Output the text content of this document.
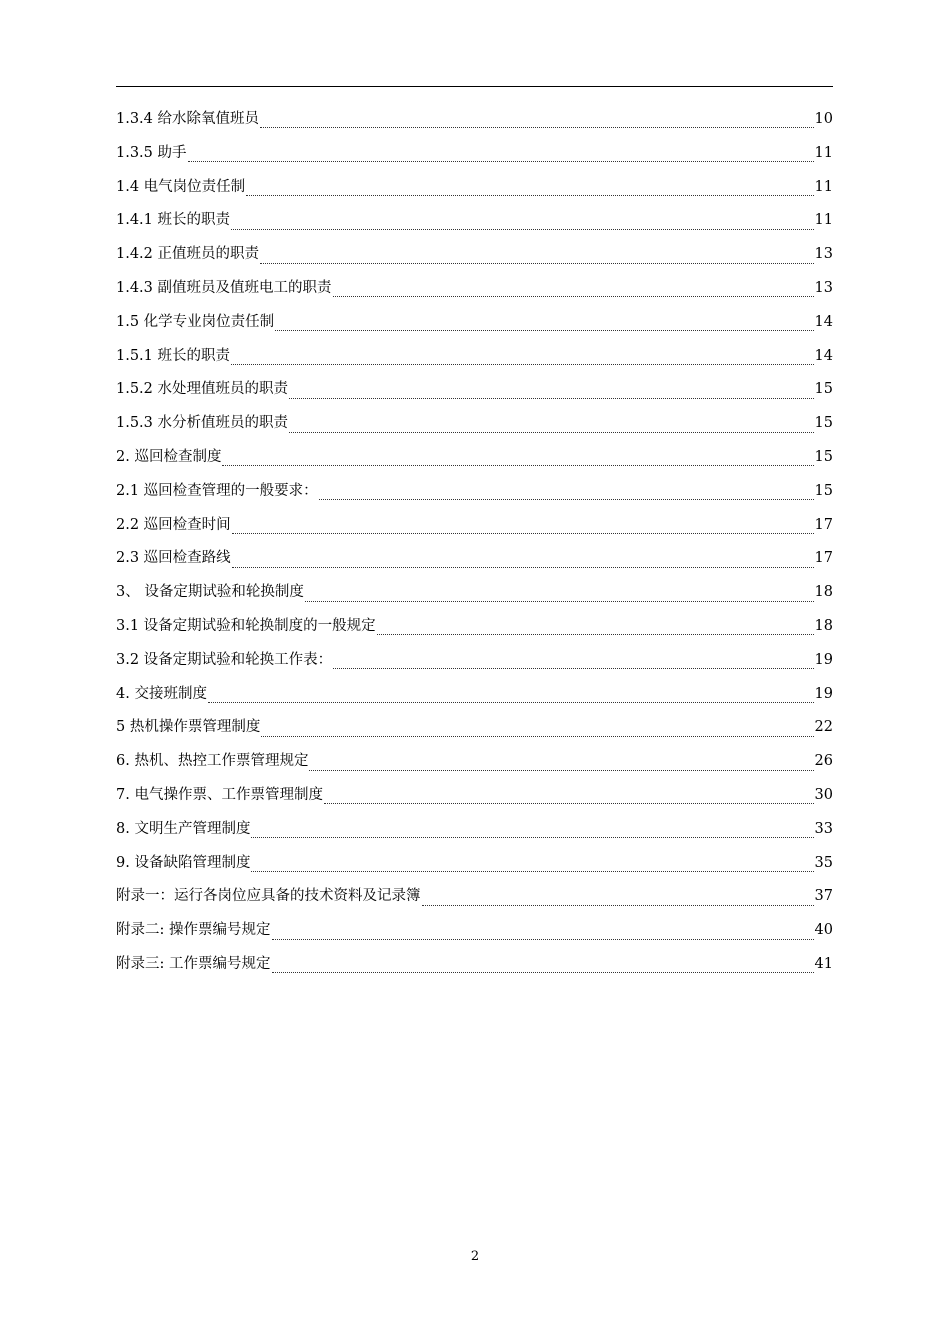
1.3.4 给水除氧值班员	10
1.3.5 助手	11
1.4 电气岗位责任制	11
1.4.1 班长的职责	11
1.4.2 正值班员的职责	13
1.4.3 副值班员及值班电工的职责	13
1.5 化学专业岗位责任制	14
1.5.1 班长的职责	14
1.5.2 水处理值班员的职责	15
1.5.3 水分析值班员的职责	15
2. 巡回检查制度	15
2.1 巡回检查管理的一般要求：	15
2.2 巡回检查时间	17
2.3 巡回检查路线	17
3、 设备定期试验和轮换制度	18
3.1 设备定期试验和轮换制度的一般规定	18
3.2 设备定期试验和轮换工作表：	19
4. 交接班制度	19
5 热机操作票管理制度	22
6. 热机、热控工作票管理规定	26
7. 电气操作票、工作票管理制度	30
8. 文明生产管理制度	33
9. 设备缺陷管理制度	35
附录一：运行各岗位应具备的技术资料及记录簿	37
附录二: 操作票编号规定	40
附录三: 工作票编号规定	41
2
